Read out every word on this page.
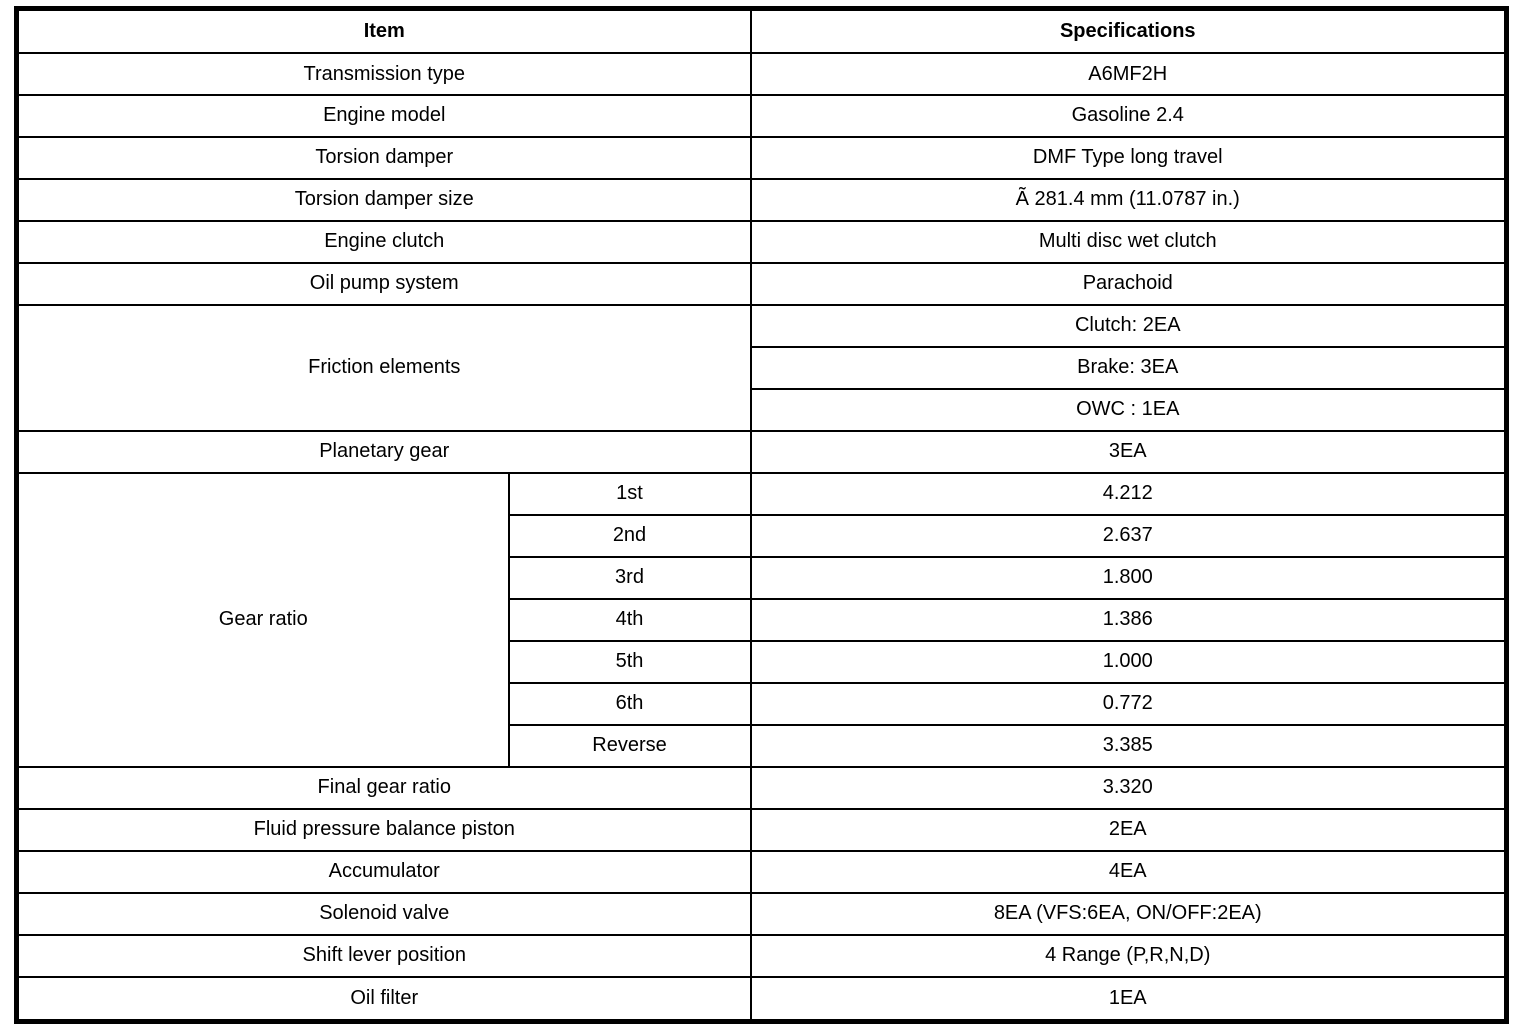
Item		Specifications
Transmission type		A6MF2H
Engine model		Gasoline 2.4
Torsion damper		DMF Type long travel
Torsion damper size		Ã 281.4 mm (11.0787 in.)
Engine clutch		Multi disc wet clutch
Oil pump system		Parachoid
Friction elements		Clutch: 2EA
		Brake: 3EA
		OWC : 1EA
Planetary gear		3EA
Gear ratio	1st	4.212
	2nd	2.637
	3rd	1.800
	4th	1.386
	5th	1.000
	6th	0.772
	Reverse	3.385
Final gear ratio		3.320
Fluid pressure balance piston		2EA
Accumulator		4EA
Solenoid valve		8EA (VFS:6EA, ON/OFF:2EA)
Shift lever position		4 Range (P,R,N,D)
Oil filter		1EA
